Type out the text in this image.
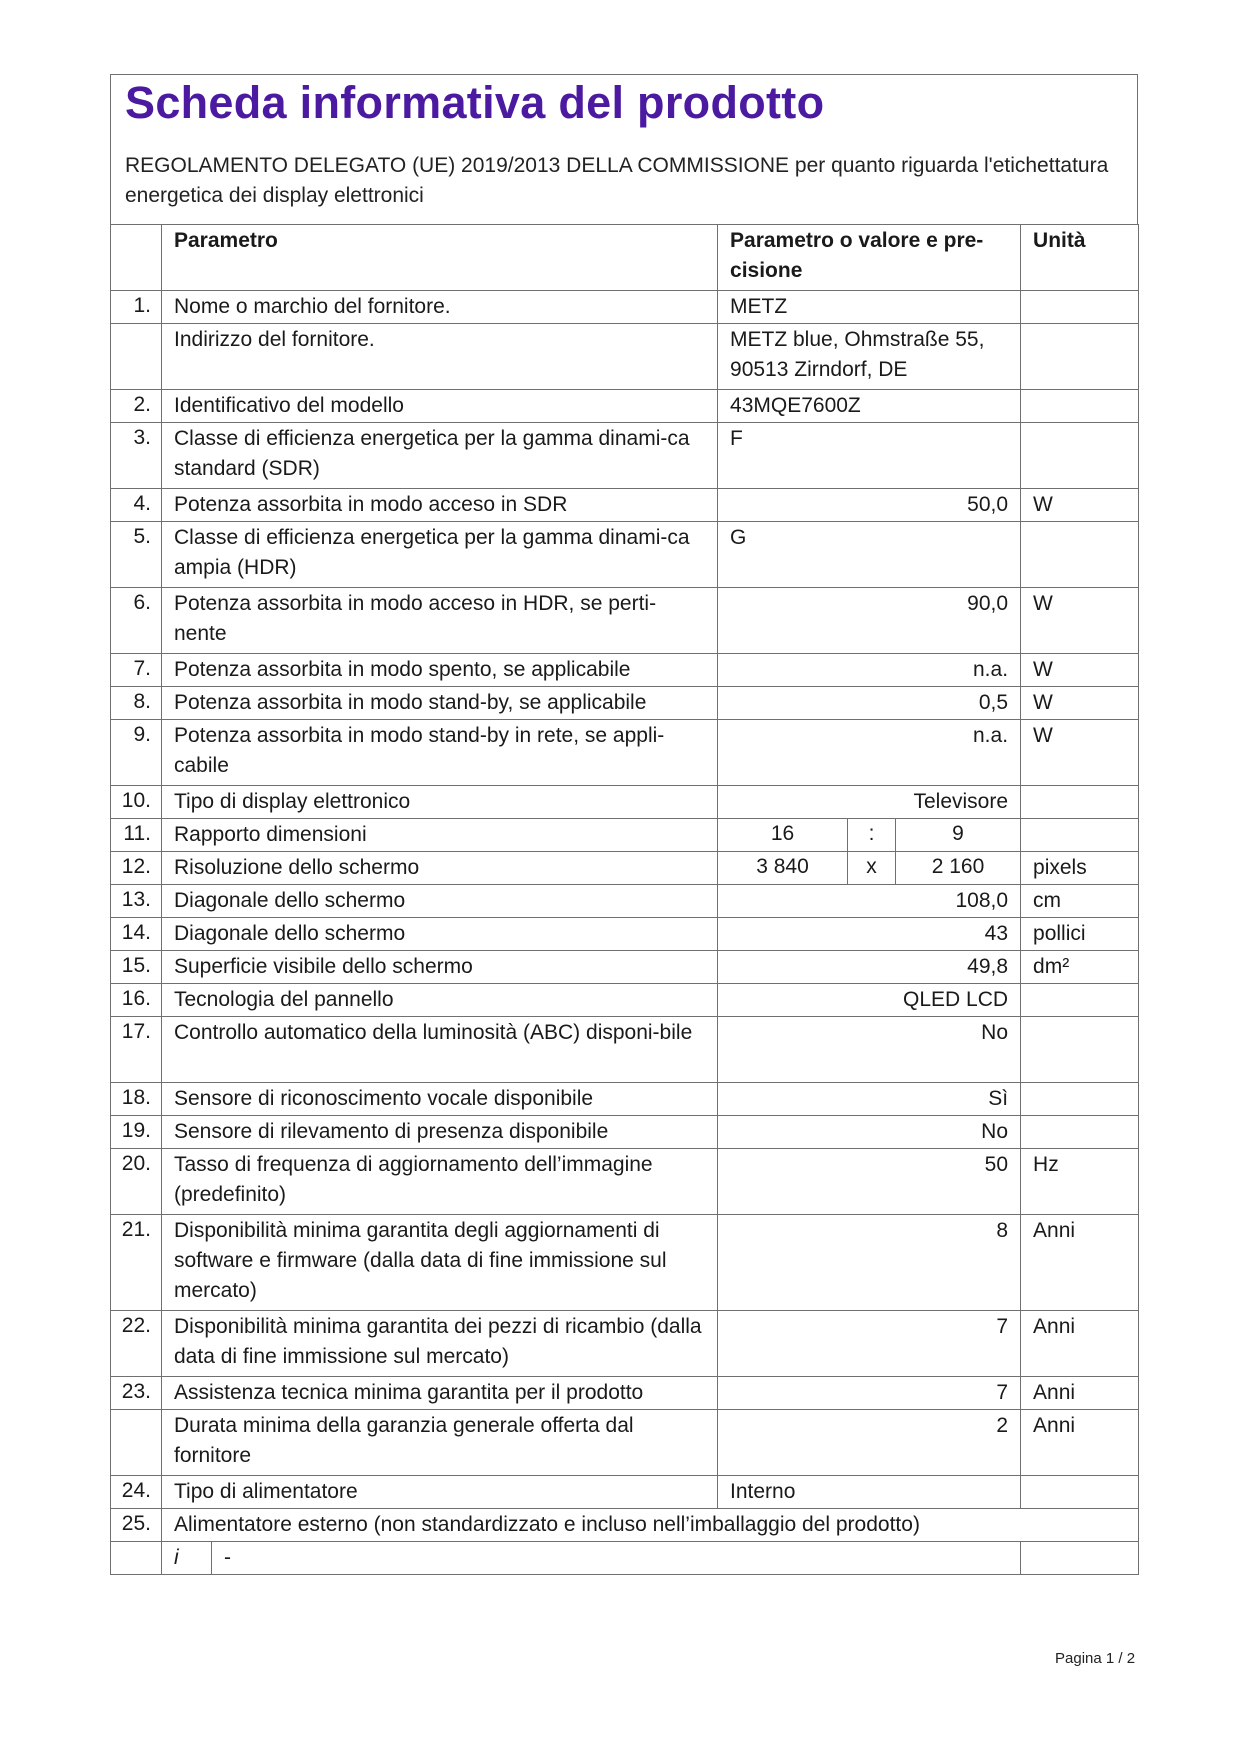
Scheda informativa del prodotto
REGOLAMENTO DELEGATO (UE) 2019/2013 DELLA COMMISSIONE per quanto riguarda l'etichettatura energetica dei display elettronici
	Parametro		Parametro o valore e pre-cisione			Unità
1.	Nome o marchio del fornitore.		METZ			
	Indirizzo del fornitore.		METZ blue, Ohmstraße 55, 90513 Zirndorf, DE			
2.	Identificativo del modello		43MQE7600Z			
3.	Classe di efficienza energetica per la gamma dinami-ca standard (SDR)		F			
4.	Potenza assorbita in modo acceso in SDR		50,0			W
5.	Classe di efficienza energetica per la gamma dinami-ca ampia (HDR)		G			
6.	Potenza assorbita in modo acceso in HDR, se perti-nente		90,0			W
7.	Potenza assorbita in modo spento, se applicabile		n.a.			W
8.	Potenza assorbita in modo stand-by, se applicabile		0,5			W
9.	Potenza assorbita in modo stand-by in rete, se appli-cabile		n.a.			W
10.	Tipo di display elettronico		Televisore			
11.	Rapporto dimensioni		16	:	9	
12.	Risoluzione dello schermo		3 840	x	2 160	pixels
13.	Diagonale dello schermo		108,0			cm
14.	Diagonale dello schermo		43			pollici
15.	Superficie visibile dello schermo		49,8			dm²
16.	Tecnologia del pannello		QLED LCD			
17.	Controllo automatico della luminosità (ABC) disponi-bile		No			
18.	Sensore di riconoscimento vocale disponibile		Sì			
19.	Sensore di rilevamento di presenza disponibile		No			
20.	Tasso di frequenza di aggiornamento dell’immagine (predefinito)		50			Hz
21.	Disponibilità minima garantita degli aggiornamenti di software e firmware (dalla data di fine immissione sul mercato)		8			Anni
22.	Disponibilità minima garantita dei pezzi di ricambio (dalla data di fine immissione sul mercato)		7			Anni
23.	Assistenza tecnica minima garantita per il prodotto		7			Anni
	Durata minima della garanzia generale offerta dal fornitore		2			Anni
24.	Tipo di alimentatore		Interno			
25.	Alimentatore esterno (non standardizzato e incluso nell’imballaggio del prodotto)					
	i	-				
Pagina 1 / 2
